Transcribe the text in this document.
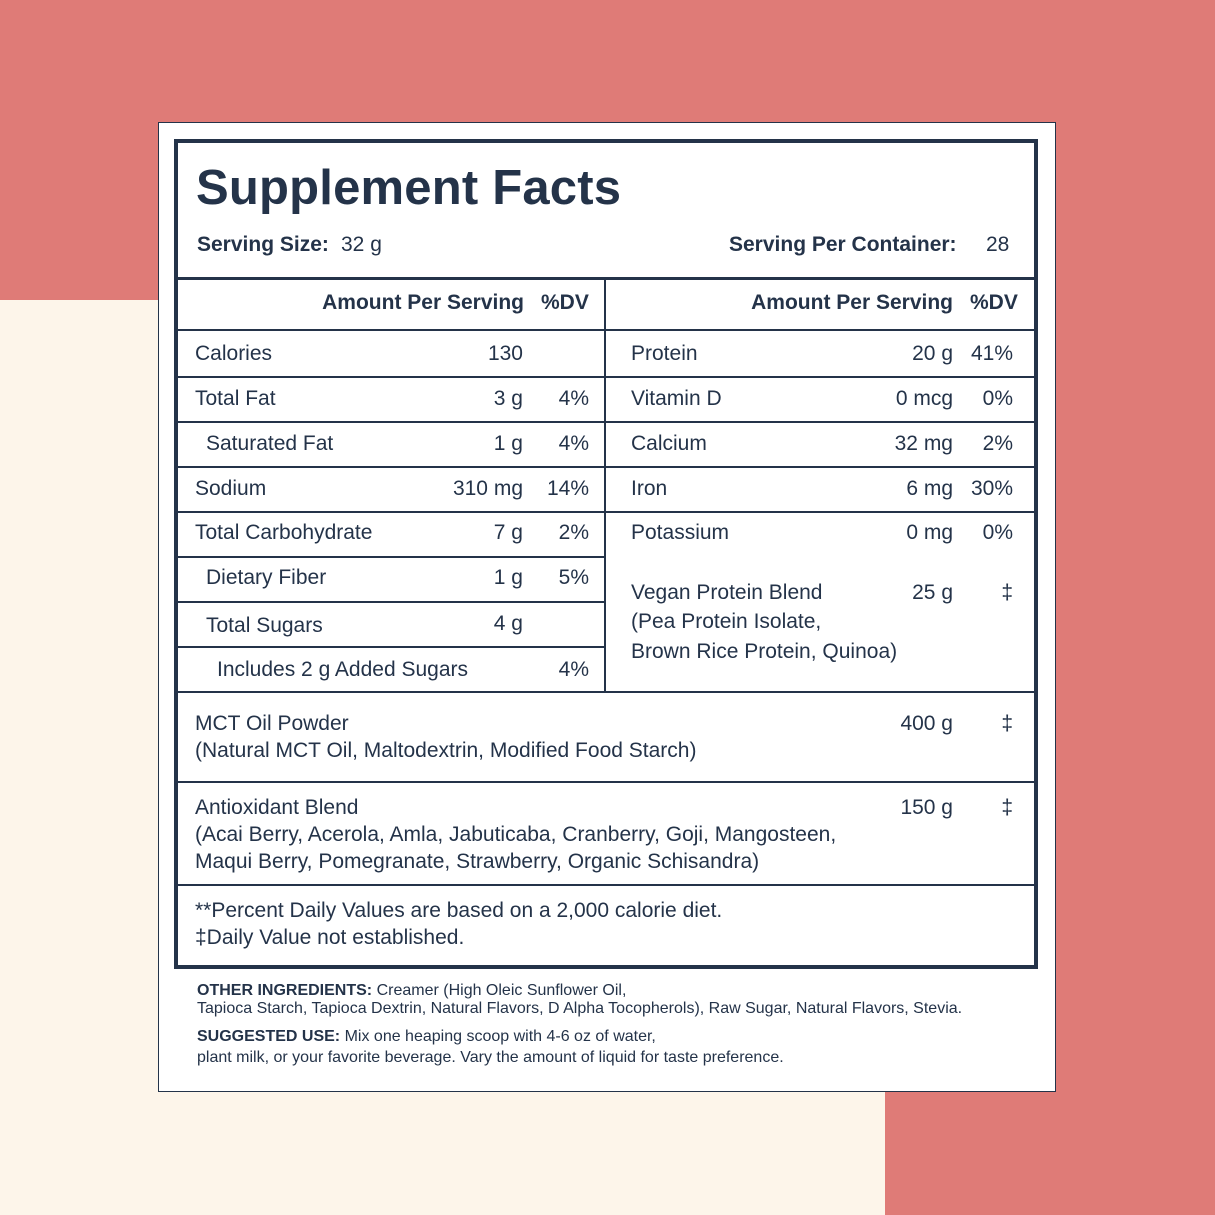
Supplement Facts
Serving Size: 32 g	Serving Per Container: 28
Amount Per Serving %DV	Amount Per Serving %DV
Calories	130
Total Fat	3 g	4%
Saturated Fat	1 g	4%
Sodium	310 mg	14%
Total Carbohydrate	7 g	2%
Dietary Fiber	1 g	5%
Total Sugars	4 g
Includes 2 g Added Sugars	4%
Protein	20 g 41%
Vitamin D	0 mcg	0%
Calcium	32 mg	2%
Iron	6 mg 30%
Potassium	0 mg	0%
Vegan Protein Blend
(Pea Protein Isolate,
Brown Rice Protein, Quinoa)
25 g	‡
MCT Oil Powder
(Natural MCT Oil, Maltodextrin, Modified Food Starch)
400 g	‡
Antioxidant Blend
(Acai Berry, Acerola, Amla, Jabuticaba, Cranberry, Goji, Mangosteen,
Maqui Berry, Pomegranate, Strawberry, Organic Schisandra)
150 g	‡
**Percent Daily Values are based on a 2,000 calorie diet.
‡Daily Value not established.
OTHER INGREDIENTS: Creamer (High Oleic Sunflower Oil,
Tapioca Starch, Tapioca Dextrin, Natural Flavors, D Alpha Tocopherols), Raw Sugar, Natural Flavors, Stevia.
SUGGESTED USE: Mix one heaping scoop with 4-6 oz of water,
plant milk, or your favorite beverage. Vary the amount of liquid for taste preference.
